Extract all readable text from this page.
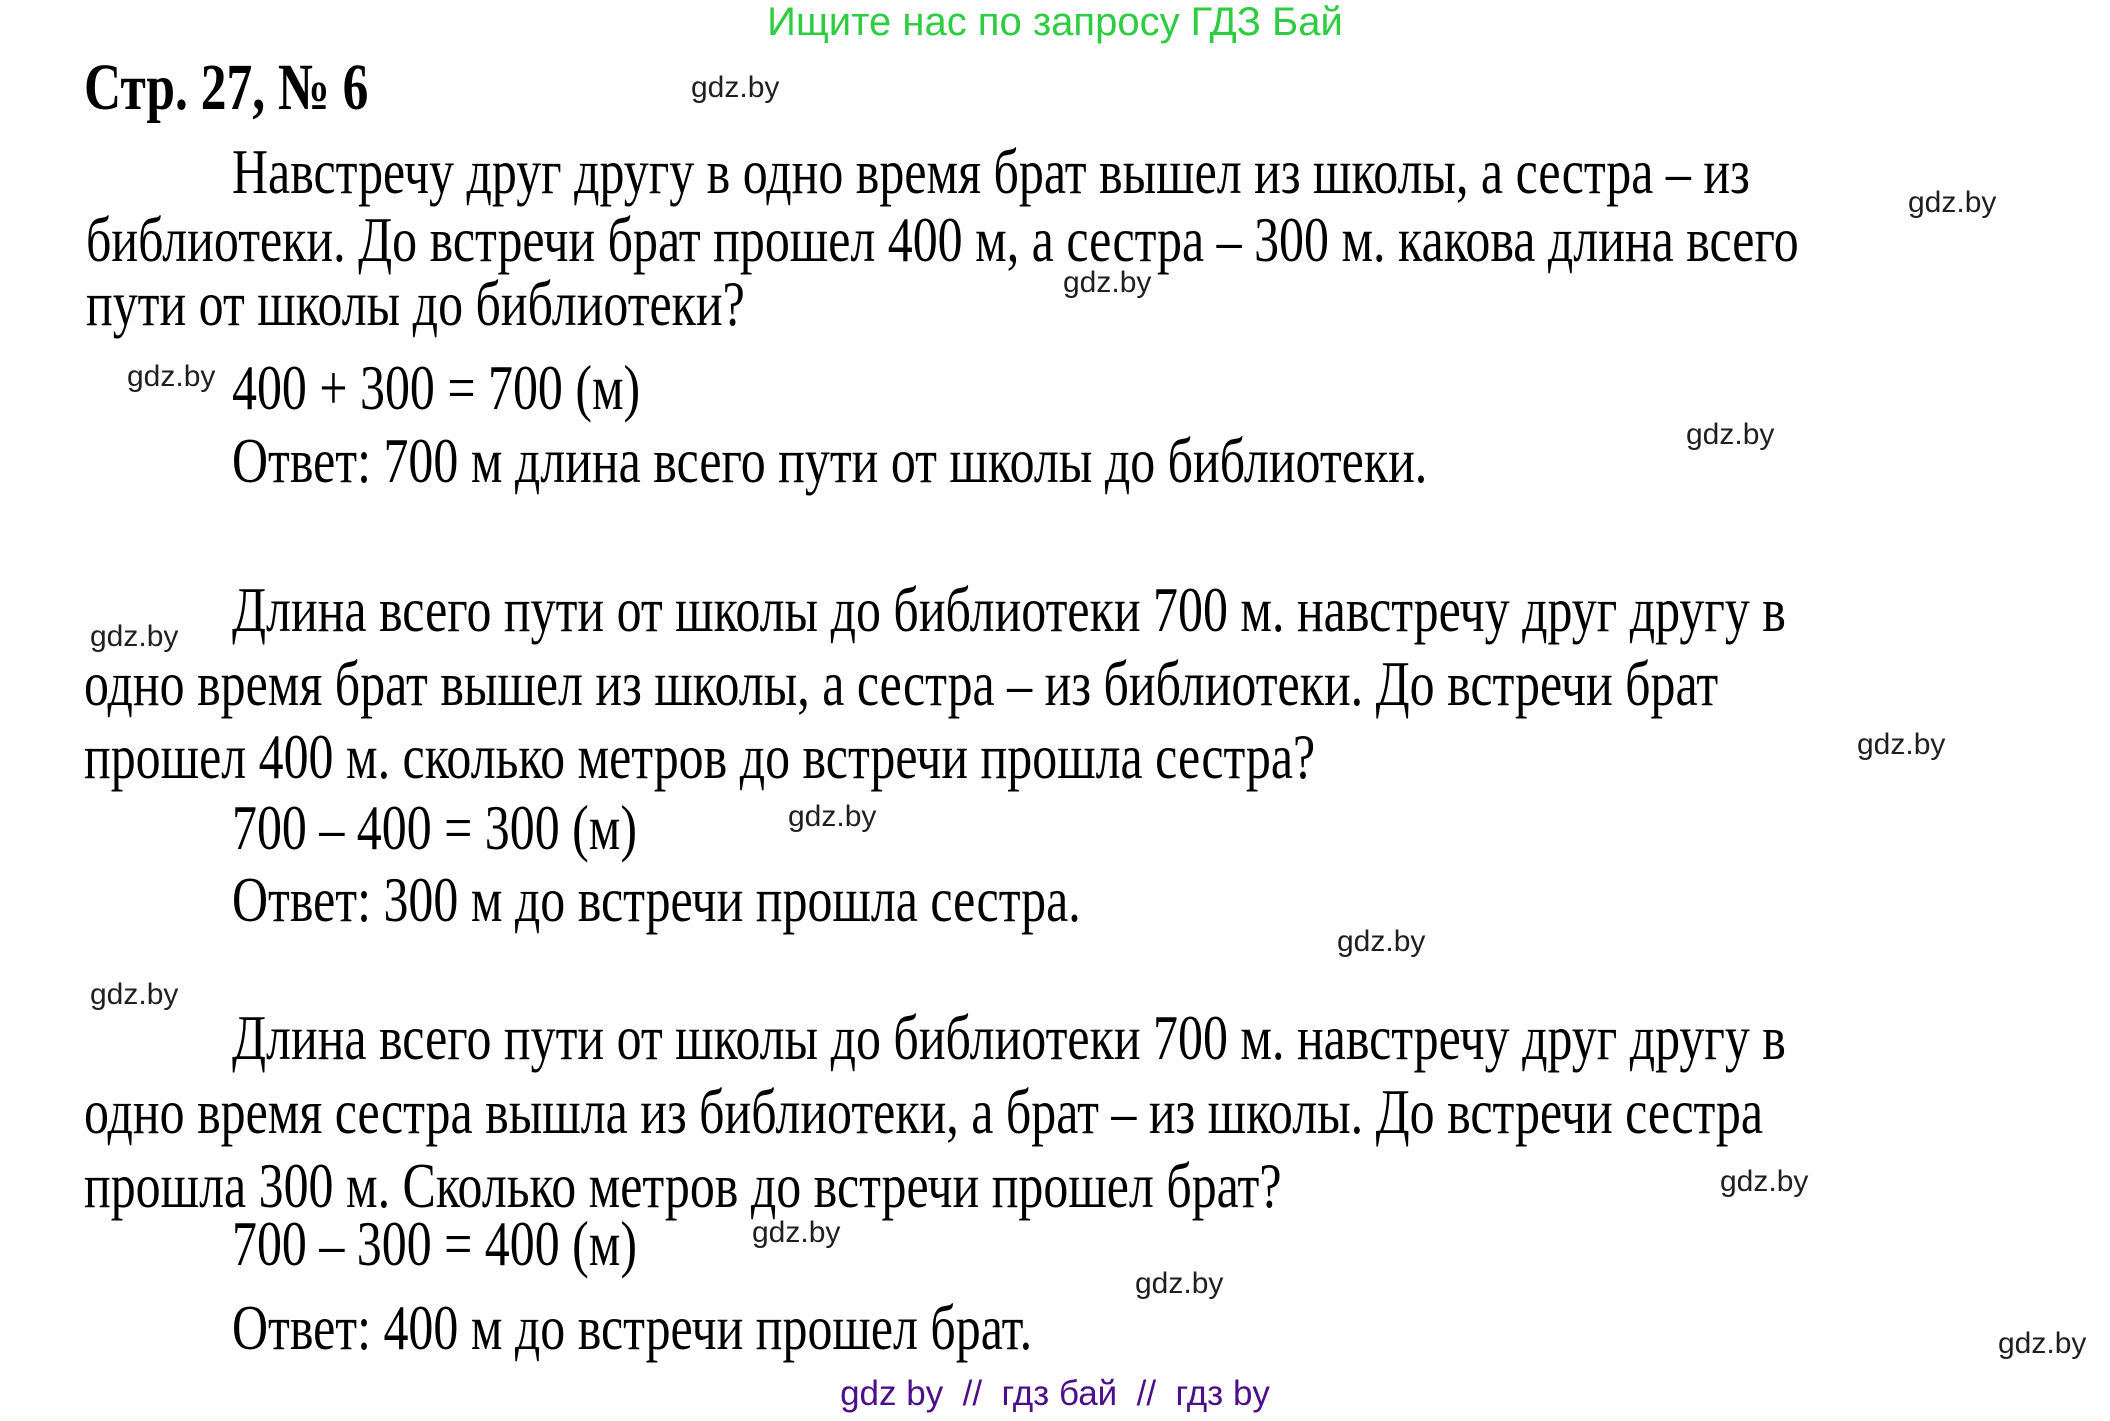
Ищите нас по запросу ГДЗ Бай
Стр. 27, № 6
Навстречу друг другу в одно время брат вышел из школы, а сестра – из
библиотеки. До встречи брат прошел 400 м, а сестра – 300 м. какова длина всего
пути от школы до библиотеки?
400 + 300 = 700 (м)
Ответ: 700 м длина всего пути от школы до библиотеки.
Длина всего пути от школы до библиотеки 700 м. навстречу друг другу в
одно время брат вышел из школы, а сестра – из библиотеки. До встречи брат
прошел 400 м. сколько метров до встречи прошла сестра?
700 – 400 = 300 (м)
Ответ: 300 м до встречи прошла сестра.
Длина всего пути от школы до библиотеки 700 м. навстречу друг другу в
одно время сестра вышла из библиотеки, а брат – из школы. До встречи сестра
прошла 300 м. Сколько метров до встречи прошел брат?
700 – 300 = 400 (м)
Ответ: 400 м до встречи прошел брат.
gdz.by
gdz.by
gdz.by
gdz.by
gdz.by
gdz.by
gdz.by
gdz.by
gdz.by
gdz.by
gdz.by
gdz.by
gdz.by
gdz.by
gdz by  //  гдз бай  //  гдз by
